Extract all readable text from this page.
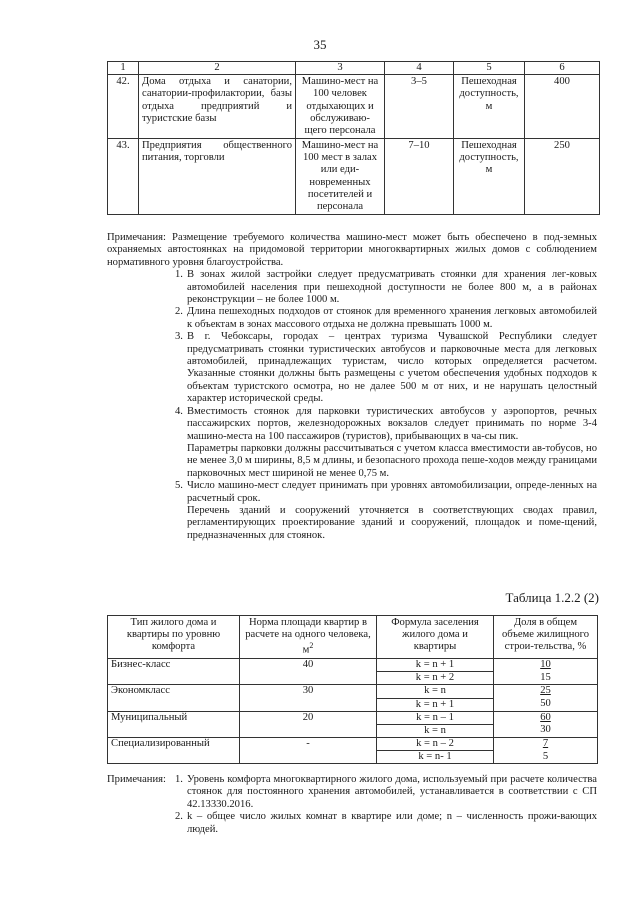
35
1	2	3	4	5	6
42.	Дома отдыха и санатории, санатории-профилактории, базы отдыха предприятий и туристские базы	Машино-мест на 100 человек отдыхающих и обслуживаю-щего персонала	3–5	Пешеходная доступность, м	400
43.	Предприятия общественного питания, торговли	Машино-мест на 100 мест в залах или еди-новременных посетителей и персонала	7–10	Пешеходная доступность, м	250

Примечания: Размещение требуемого количества машино-мест может быть обеспечено в под-земных охраняемых автостоянках на придомовой территории многоквартирных жилых домов с соблюдением нормативного уровня благоустройства.

1. В зонах жилой застройки следует предусматривать стоянки для хранения лег-ковых автомобилей населения при пешеходной доступности не более 800 м, а в районах реконструкции – не более 1000 м.
2. Длина пешеходных подходов от стоянок для временного хранения легковых автомобилей к объектам в зонах массового отдыха не должна превышать 1000 м.
3. В г. Чебоксары, городах – центрах туризма Чувашской Республики следует предусматривать стоянки туристических автобусов и парковочные места для легковых автомобилей, принадлежащих туристам, число которых определяется расчетом. Указанные стоянки должны быть размещены с учетом обеспечения удобных подходов к объектам туристского осмотра, но не далее 500 м от них, и не нарушать целостный характер исторической среды.
4. Вместимость стоянок для парковки туристических автобусов у аэропортов, речных пассажирских портов, железнодорожных вокзалов следует принимать по норме 3-4 машино-места на 100 пассажиров (туристов), прибывающих в ча-сы пик.

Параметры парковки должны рассчитываться с учетом класса вместимости ав-тобусов, но не менее 3,0 м ширины, 8,5 м длины, и безопасного прохода пеше-ходов между границами парковочных мест шириной не менее 0,75 м.

5. Число машино-мест следует принимать при уровнях автомобилизации, опреде-ленных на расчетный срок.

Перечень зданий и сооружений уточняется в соответствующих сводах правил, регламентирующих проектирование зданий и сооружений, площадок и поме-щений, предназначенных для стоянок.

Таблица 1.2.2 (2)
Тип жилого дома и квартиры по уровню комфорта	Норма площади квартир в расчете на одного человека, $м^2$	Формула заселения жилого дома и квартиры	Доля в общем объеме жилищного строи-тельства, %
Бизнес-класс	40	k = n + 1	10
		k = n + 2	15
Экономкласс	30	k = n	25
		k = n + 1	50
Муниципальный	20	k = n – 1	60
		k = n	30
Специализированный	-	k = n – 2	7
		k = n- 1	5
Примечания: 1. Уровень комфорта многоквартирного жилого дома, используемый при расчете количества стоянок для постоянного хранения автомобилей, устанавливается в соответствии с СП 42.13330.2016.
2. k – общее число жилых комнат в квартире или доме; n – численность прожи-вающих людей.
